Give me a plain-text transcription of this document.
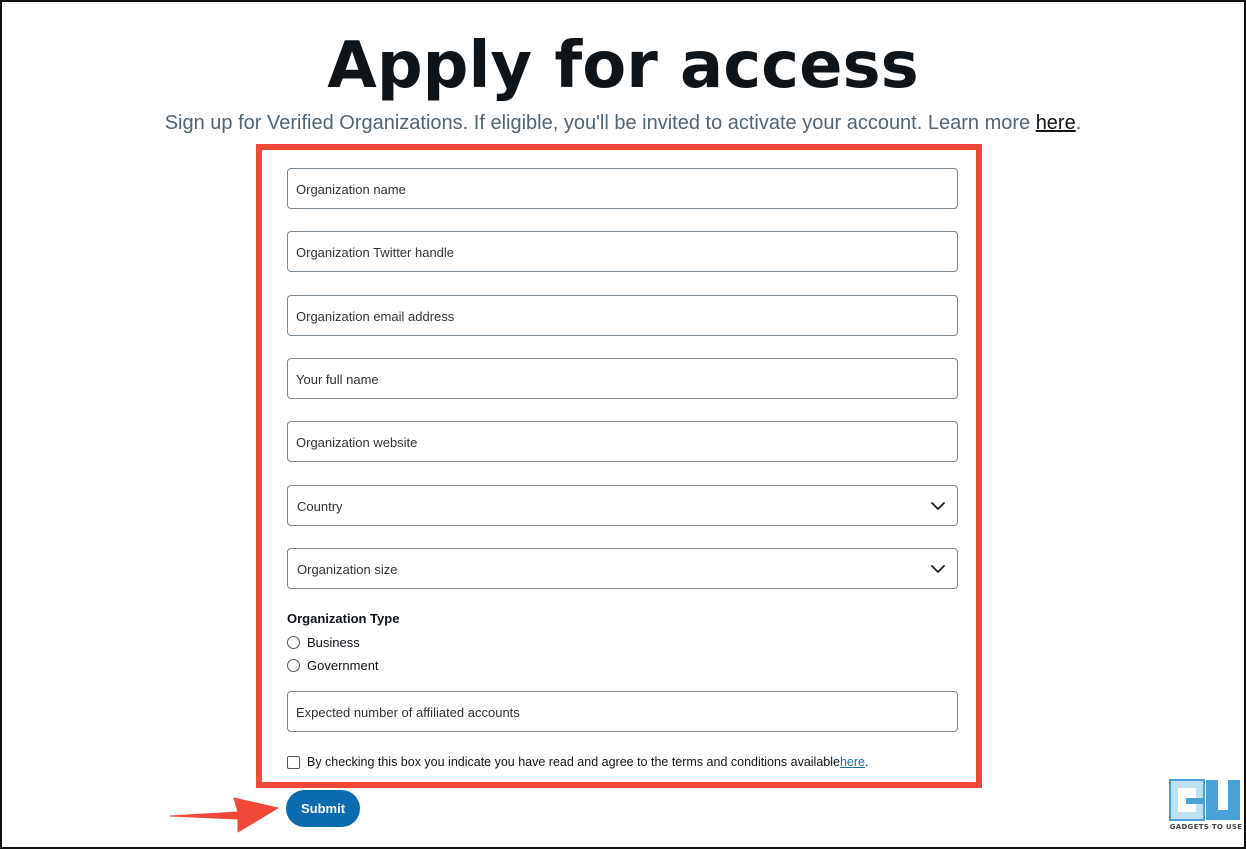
Apply for access
Sign up for Verified Organizations. If eligible, you'll be invited to activate your account. Learn more here.
Organization name
Organization Twitter handle
Organization email address
Your full name
Organization website
Country
Organization size
Organization Type
Business
Government
Expected number of affiliated accounts
By checking this box you indicate you have read and agree to the terms and conditions available here .
Submit
GADGETS TO USE
